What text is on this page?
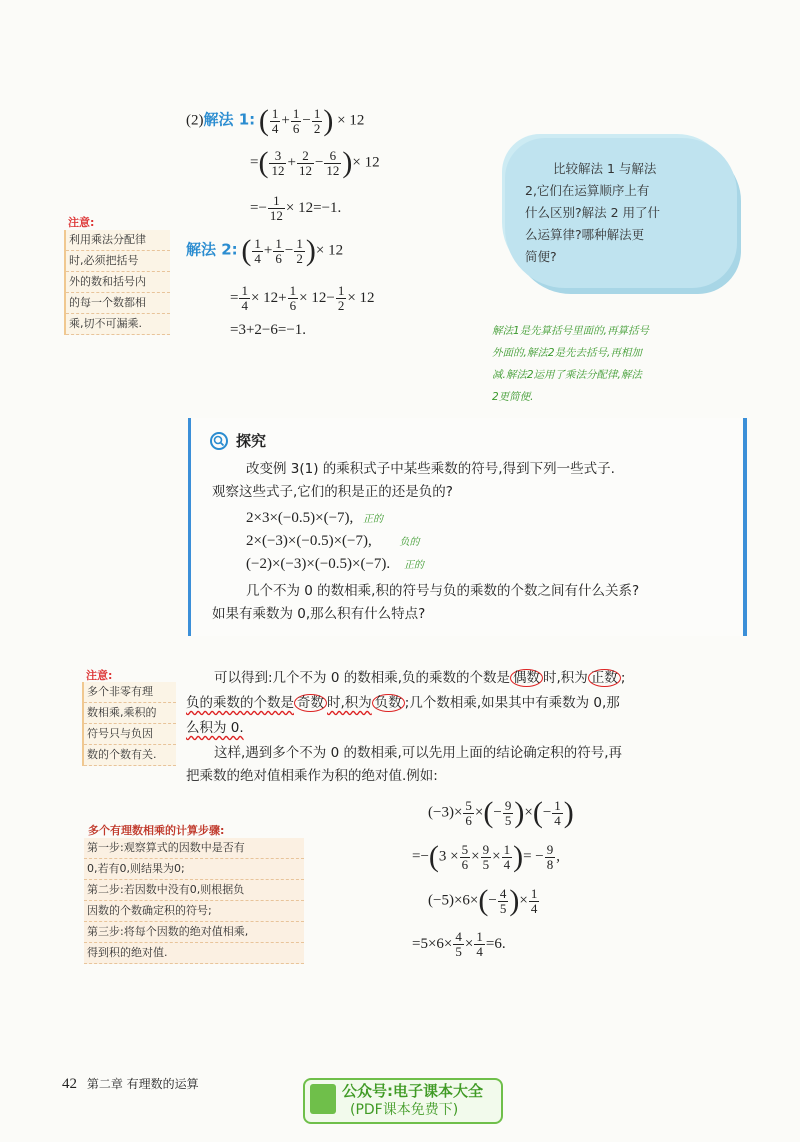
(2)解法 1: ( $\frac{1}{4} + \frac{1}{6} - \frac{1}{2}$ ) × 12
=( $\frac{3}{12} + \frac{2}{12} - \frac{6}{12}$ )× 12
=− $\frac{1}{12} \times 12=-1$.
解法 2: ( $\frac{1}{4} + \frac{1}{6} - \frac{1}{2}$ )× 12
= $\frac{1}{4} \times 12+ \frac{1}{6} \times 12- \frac{1}{2} \times 12$
=3+2−6=−1.
注意:
利用乘法分配律
时,必须把括号
外的数和括号内
的每一个数都相
乘,切不可漏乘.
比较解法 1 与解法
2,它们在运算顺序上有
什么区别?解法 2 用了什
么运算律?哪种解法更
简便?
解法1是先算括号里面的,再算括号
外面的,解法2是先去括号,再相加
减.解法2运用了乘法分配律,解法
2更简便.
探究
改变例 3(1) 的乘积式子中某些乘数的符号,得到下列一些式子.
观察这些式子,它们的积是正的还是负的?
2×3×(−0.5)×(−7), 正的
2×(−3)×(−0.5)×(−7),	负的
(−2)×(−3)×(−0.5)×(−7). 正的
几个不为 0 的数相乘,积的符号与负的乘数的个数之间有什么关系?
如果有乘数为 0,那么积有什么特点?
注意:
多个非零有理
数相乘,乘积的
符号只与负因
数的个数有关.
可以得到:几个不为 0 的数相乘,负的乘数的个数是 偶数 时,积为 正数 ;
负的乘数的个数是 奇数 时,积为 负数 ;几个数相乘,如果其中有乘数为 0,那
么积为 0.
这样,遇到多个不为 0 的数相乘,可以先用上面的结论确定积的符号,再
把乘数的绝对值相乘作为积的绝对值.例如:
多个有理数相乘的计算步骤:
第一步:观察算式的因数中是否有
0,若有0,则结果为0;
第二步:若因数中没有0,则根据负
因数的个数确定积的符号;
第三步:将每个因数的绝对值相乘,
得到积的绝对值.
$(-3)\times \frac{5}{6}$ ×(− $\frac{9}{5}$ )×(− $\frac{1}{4}$ )
$=-(3 \times \frac{5}{6} \times \frac{9}{5} \times \frac{1}{4}$ )= − $\frac{9}{8}$ ,
$(-5)\times 6\times(- \frac{4}{5}$ )× $\frac{1}{4}$
$=5\times 6\times \frac{4}{5} \times \frac{1}{4} =6$.
42 第二章 有理数的运算	公众号:电子课本大全
(PDF课本免费下)
